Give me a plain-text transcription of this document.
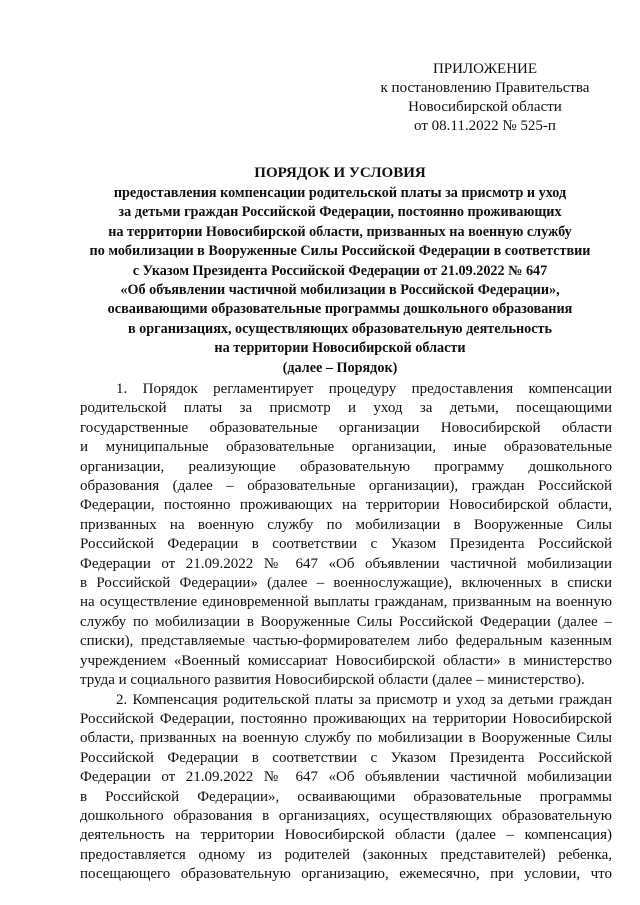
ПРИЛОЖЕНИЕ
к постановлению Правительства
Новосибирской области
от 08.11.2022 № 525-п
ПОРЯДОК И УСЛОВИЯ
предоставления компенсации родительской платы за присмотр и уход
за детьми граждан Российской Федерации, постоянно проживающих
на территории Новосибирской области, призванных на военную службу
по мобилизации в Вооруженные Силы Российской Федерации в соответствии
с Указом Президента Российской Федерации от 21.09.2022 № 647
«Об объявлении частичной мобилизации в Российской Федерации»,
осваивающими образовательные программы дошкольного образования
в организациях, осуществляющих образовательную деятельность
на территории Новосибирской области
(далее – Порядок)
1. Порядок регламентирует процедуру предоставления компенсации
родительской платы за присмотр и уход за детьми, посещающими
государственные образовательные организации Новосибирской области
и муниципальные образовательные организации, иные образовательные
организации, реализующие образовательную программу дошкольного
образования (далее – образовательные организации), граждан Российской
Федерации, постоянно проживающих на территории Новосибирской области,
призванных на военную службу по мобилизации в Вооруженные Силы
Российской Федерации в соответствии с Указом Президента Российской
Федерации от 21.09.2022 № 647 «Об объявлении частичной мобилизации
в Российской Федерации» (далее – военнослужащие), включенных в списки
на осуществление единовременной выплаты гражданам, призванным на военную
службу по мобилизации в Вооруженные Силы Российской Федерации (далее –
списки), представляемые частью-формирователем либо федеральным казенным
учреждением «Военный комиссариат Новосибирской области» в министерство
труда и социального развития Новосибирской области (далее – министерство).
2. Компенсация родительской платы за присмотр и уход за детьми граждан
Российской Федерации, постоянно проживающих на территории Новосибирской
области, призванных на военную службу по мобилизации в Вооруженные Силы
Российской Федерации в соответствии с Указом Президента Российской
Федерации от 21.09.2022 № 647 «Об объявлении частичной мобилизации
в Российской Федерации», осваивающими образовательные программы
дошкольного образования в организациях, осуществляющих образовательную
деятельность на территории Новосибирской области (далее – компенсация)
предоставляется одному из родителей (законных представителей) ребенка,
посещающего образовательную организацию, ежемесячно, при условии, что
